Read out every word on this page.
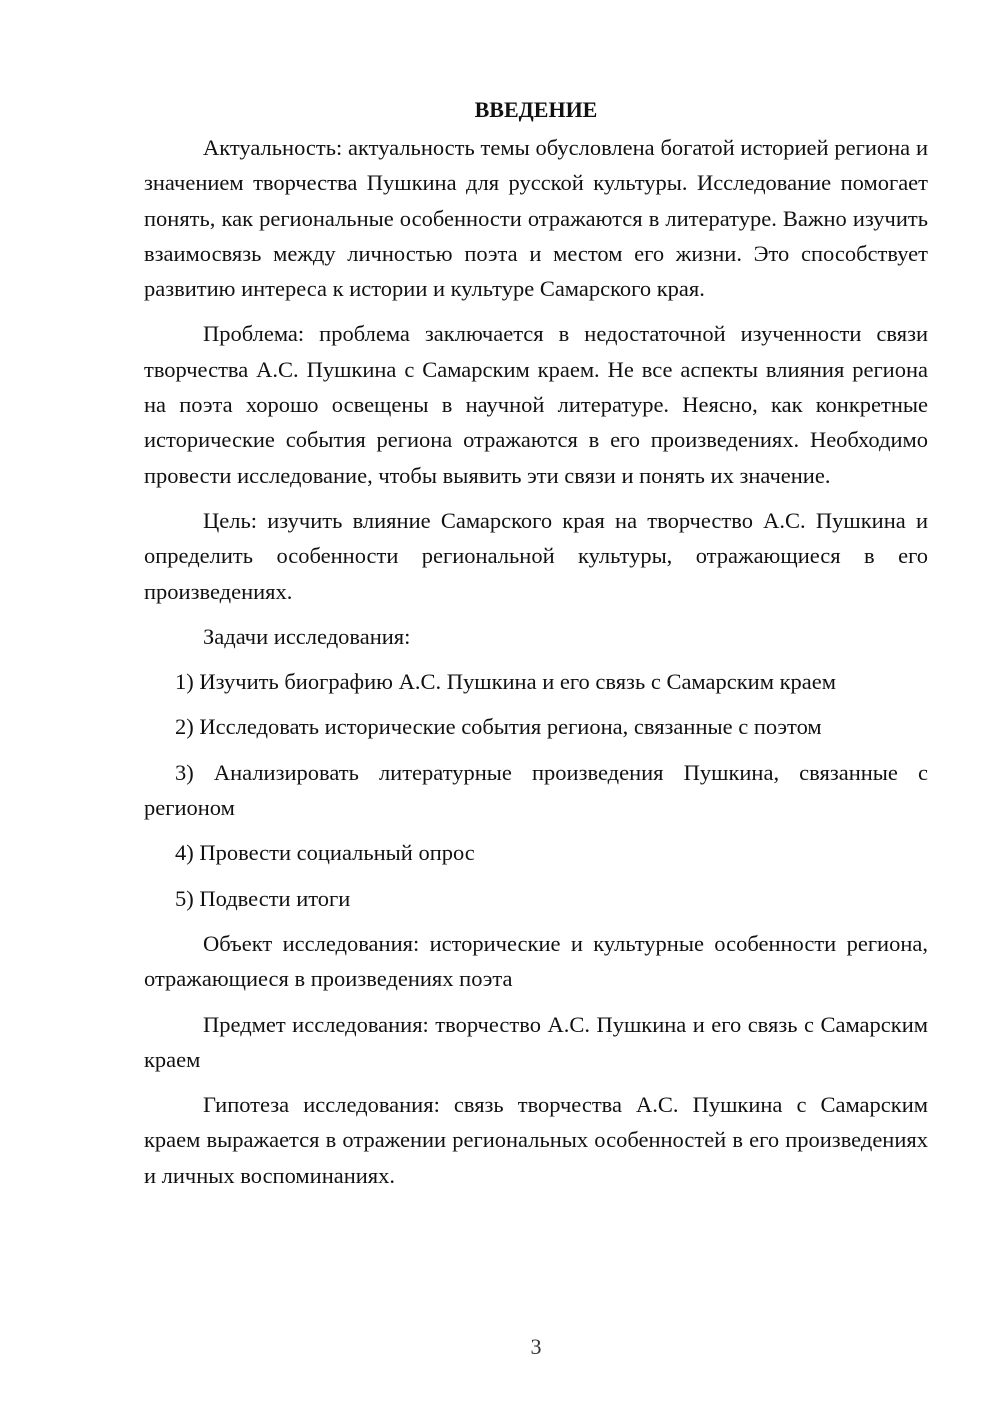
ВВЕДЕНИЕ

Актуальность: актуальность темы обусловлена богатой историей региона и значением творчества Пушкина для русской культуры. Исследование помогает понять, как региональные особенности отражаются в литературе. Важно изучить взаимосвязь между личностью поэта и местом его жизни. Это способствует развитию интереса к истории и культуре Самарского края.

Проблема: проблема заключается в недостаточной изученности связи творчества А.С. Пушкина с Самарским краем. Не все аспекты влияния региона на поэта хорошо освещены в научной литературе. Неясно, как конкретные исторические события региона отражаются в его произведениях. Необходимо провести исследование, чтобы выявить эти связи и понять их значение.

Цель: изучить влияние Самарского края на творчество А.С. Пушкина и определить особенности региональной культуры, отражающиеся в его произведениях.

Задачи исследования:

1) Изучить биографию А.С. Пушкина и его связь с Самарским краем

2) Исследовать исторические события региона, связанные с поэтом

3) Анализировать литературные произведения Пушкина, связанные с регионом

4) Провести социальный опрос

5) Подвести итоги

Объект исследования: исторические и культурные особенности региона, отражающиеся в произведениях поэта

Предмет исследования: творчество А.С. Пушкина и его связь с Самарским краем

Гипотеза исследования: связь творчества А.С. Пушкина с Самарским краем выражается в отражении региональных особенностей в его произведениях и личных воспоминаниях.

3
